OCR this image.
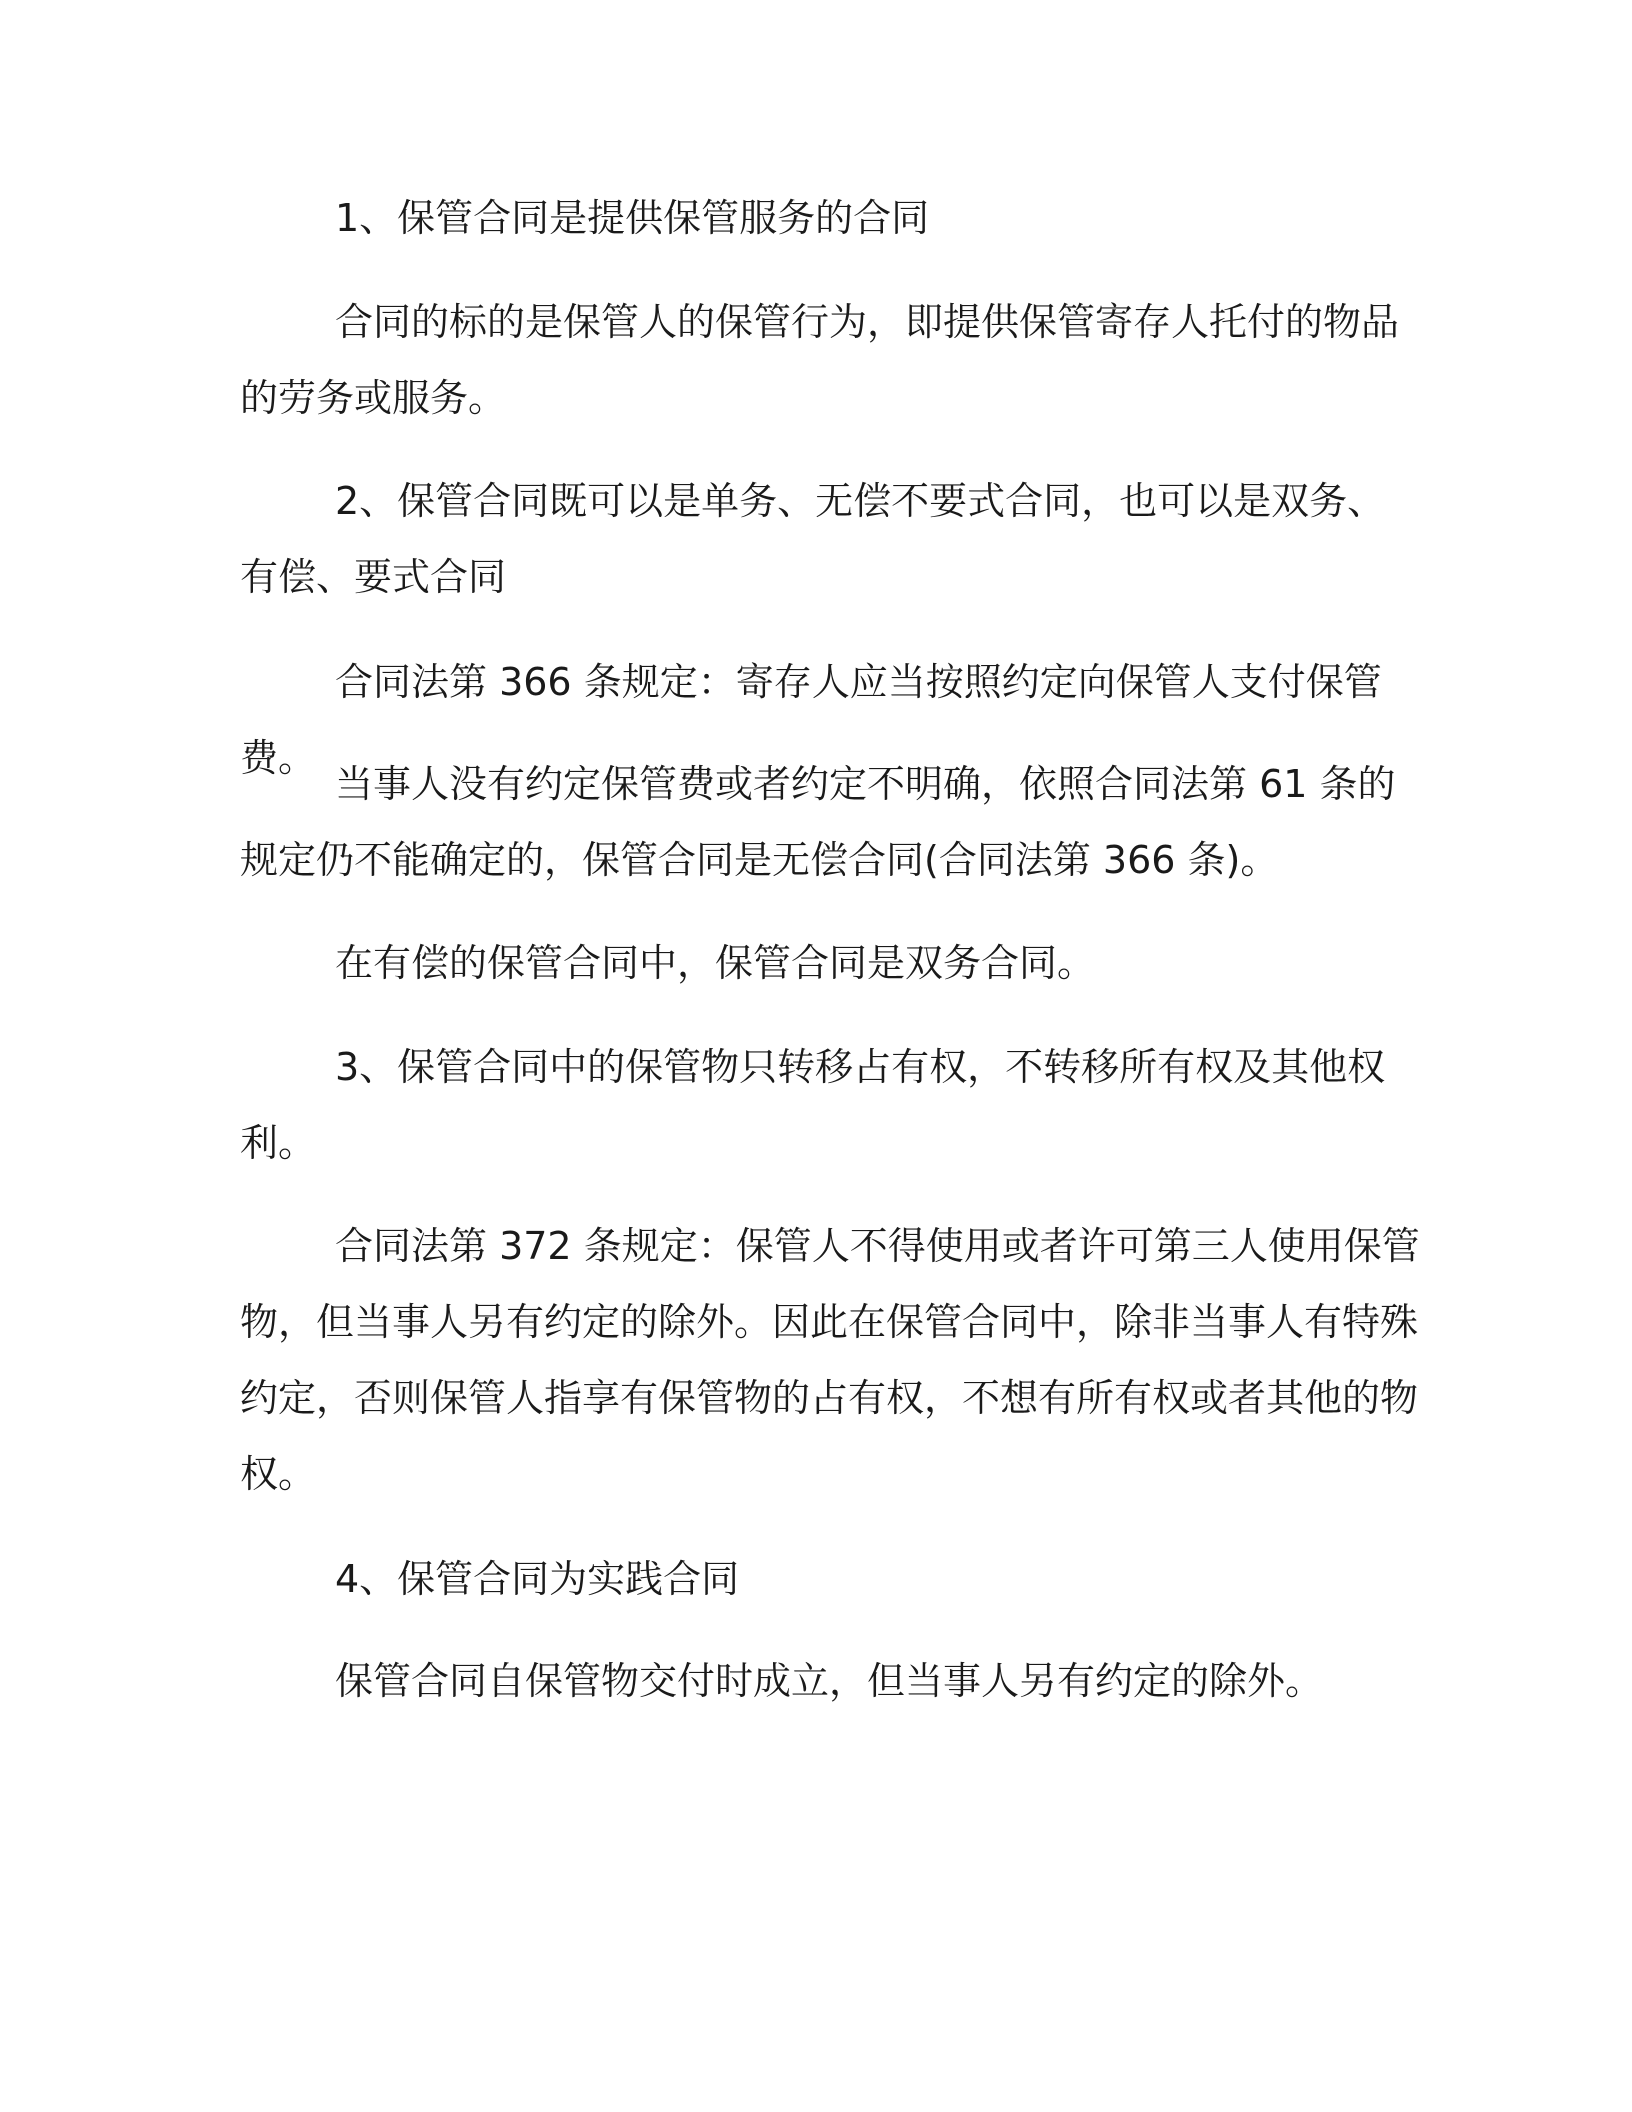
1、保管合同是提供保管服务的合同

合同的标的是保管人的保管行为，即提供保管寄存人托付的物品的劳务或服务。

2、保管合同既可以是单务、无偿不要式合同，也可以是双务、有偿、要式合同

合同法第 366 条规定：寄存人应当按照约定向保管人支付保管费。

当事人没有约定保管费或者约定不明确，依照合同法第 61 条的规定仍不能确定的，保管合同是无偿合同(合同法第 366 条)。

在有偿的保管合同中，保管合同是双务合同。

3、保管合同中的保管物只转移占有权，不转移所有权及其他权利。

合同法第 372 条规定：保管人不得使用或者许可第三人使用保管物，但当事人另有约定的除外。因此在保管合同中，除非当事人有特殊约定，否则保管人指享有保管物的占有权，不想有所有权或者其他的物权。

4、保管合同为实践合同

保管合同自保管物交付时成立，但当事人另有约定的除外。
